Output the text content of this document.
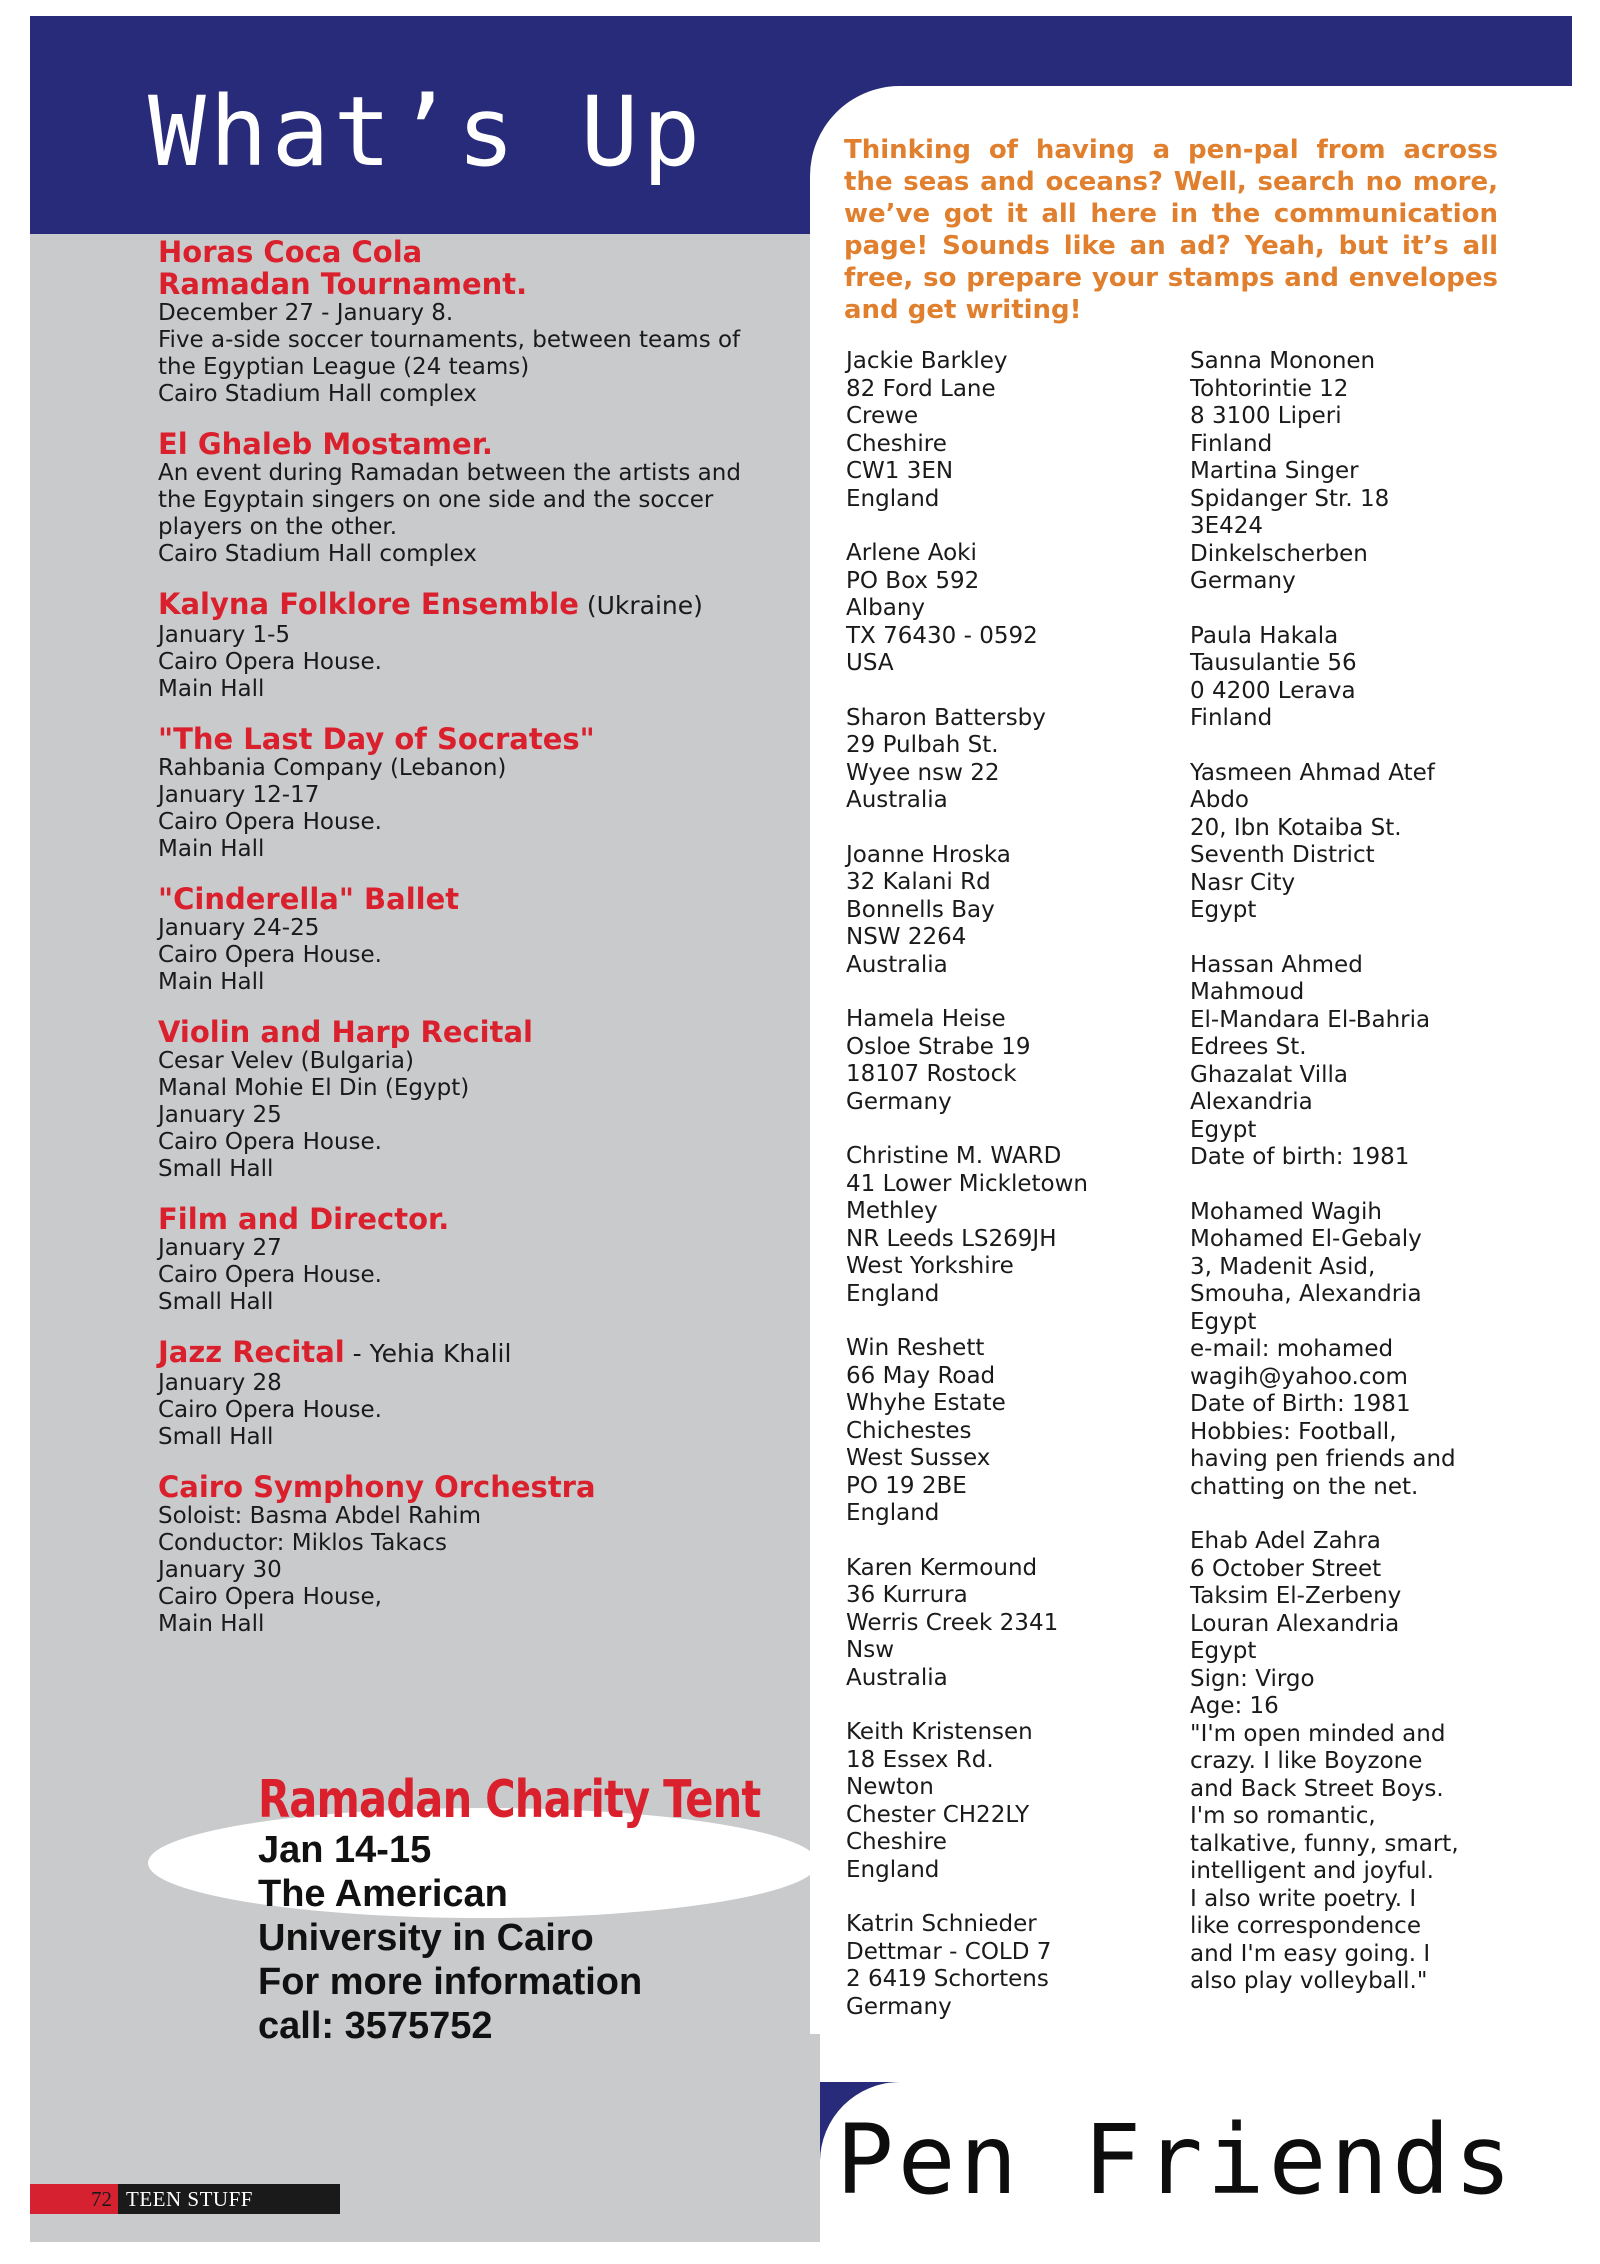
What’s Up
Horas Coca Cola
Ramadan Tournament.
December 27 - January 8.
Five a-side soccer tournaments, between teams of
the Egyptian League (24 teams)
Cairo Stadium Hall complex
El Ghaleb Mostamer.
An event during Ramadan between the artists and
the Egyptain singers on one side and the soccer
players on the other.
Cairo Stadium Hall complex
Kalyna Folklore Ensemble (Ukraine)
January 1-5
Cairo Opera House.
Main Hall
"The Last Day of Socrates"
Rahbania Company (Lebanon)
January 12-17
Cairo Opera House.
Main Hall
"Cinderella" Ballet
January 24-25
Cairo Opera House.
Main Hall
Violin and Harp Recital
Cesar Velev (Bulgaria)
Manal Mohie El Din (Egypt)
January 25
Cairo Opera House.
Small Hall
Film and Director.
January 27
Cairo Opera House.
Small Hall
Jazz Recital - Yehia Khalil
January 28
Cairo Opera House.
Small Hall
Cairo Symphony Orchestra
Soloist: Basma Abdel Rahim
Conductor: Miklos Takacs
January 30
Cairo Opera House,
Main Hall
Ramadan Charity Tent
Jan 14-15
The American
University in Cairo
For more information
call: 3575752

Thinking of having a pen-pal from across the seas and oceans? Well, search no more, we’ve got it all here in the communication page! Sounds like an ad? Yeah, but it’s all free, so prepare your stamps and envelopes and get writing!

Jackie Barkley
82 Ford Lane
Crewe
Cheshire
CW1 3EN
England
Arlene Aoki
PO Box 592
Albany
TX 76430 - 0592
USA
Sharon Battersby
29 Pulbah St.
Wyee nsw 22
Australia
Joanne Hroska
32 Kalani Rd
Bonnells Bay
NSW 2264
Australia
Hamela Heise
Osloe Strabe 19
18107 Rostock
Germany
Christine M. WARD
41 Lower Mickletown
Methley
NR Leeds LS269JH
West Yorkshire
England
Win Reshett
66 May Road
Whyhe Estate
Chichestes
West Sussex
PO 19 2BE
England
Karen Kermound
36 Kurrura
Werris Creek 2341
Nsw
Australia
Keith Kristensen
18 Essex Rd.
Newton
Chester CH22LY
Cheshire
England
Katrin Schnieder
Dettmar - COLD 7
2 6419 Schortens
Germany
Sanna Mononen
Tohtorintie 12
8 3100 Liperi
Finland
Martina Singer
Spidanger Str. 18
3E424
Dinkelscherben
Germany
Paula Hakala
Tausulantie 56
0 4200 Lerava
Finland
Yasmeen Ahmad Atef
Abdo
20, Ibn Kotaiba St.
Seventh District
Nasr City
Egypt
Hassan Ahmed
Mahmoud
El-Mandara El-Bahria
Edrees St.
Ghazalat Villa
Alexandria
Egypt
Date of birth: 1981
Mohamed Wagih
Mohamed El-Gebaly
3, Madenit Asid,
Smouha, Alexandria
Egypt
e-mail: mohamed
wagih@yahoo.com
Date of Birth: 1981
Hobbies: Football,
having pen friends and
chatting on the net.
Ehab Adel Zahra
6 October Street
Taksim El-Zerbeny
Louran Alexandria
Egypt
Sign: Virgo
Age: 16
"I'm open minded and
crazy. I like Boyzone
and Back Street Boys.
I'm so romantic,
talkative, funny, smart,
intelligent and joyful.
I also write poetry. I
like correspondence
and I'm easy going. I
also play volleyball."
Pen Friends
72 TEEN STUFF
